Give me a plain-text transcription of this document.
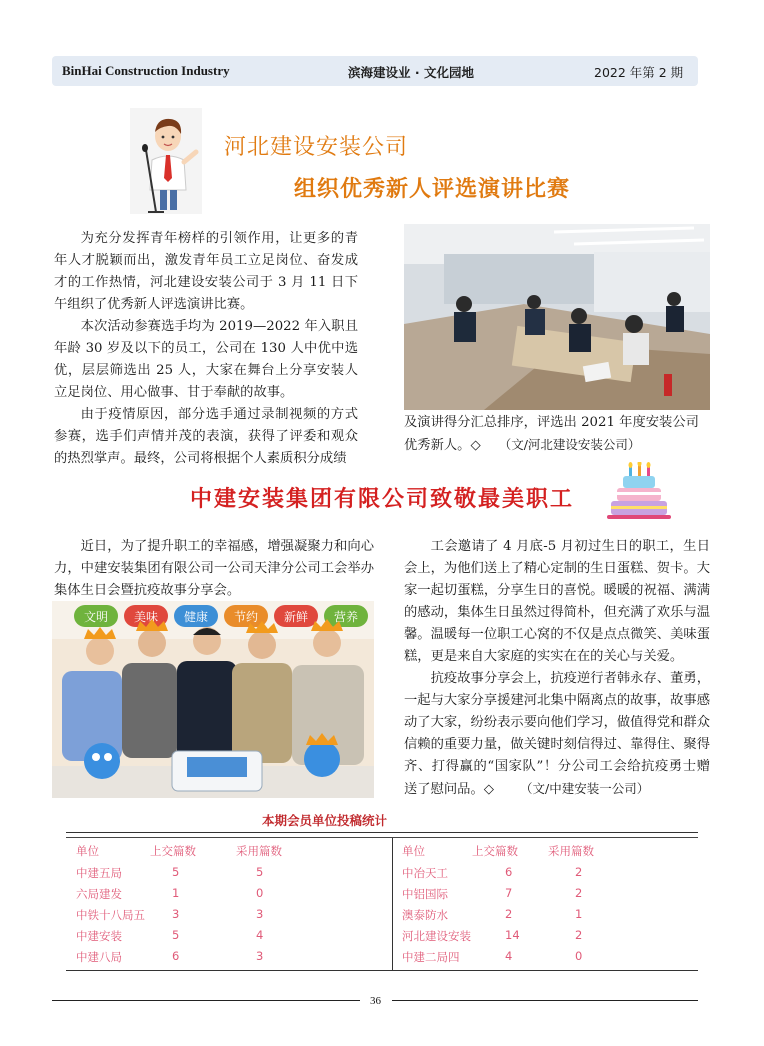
BinHai Construction Industry	滨海建设业 · 文化园地	2022 年第 2 期
河北建设安装公司
组织优秀新人评选演讲比赛

为充分发挥青年榜样的引领作用，让更多的青年人才脱颖而出，激发青年员工立足岗位、奋发成才的工作热情，河北建设安装公司于 3 月 11 日下午组织了优秀新人评选演讲比赛。

本次活动参赛选手均为 2019—2022 年入职且年龄 30 岁及以下的员工，公司在 130 人中优中选优，层层筛选出 25 人，大家在舞台上分享安装人立足岗位、用心做事、甘于奉献的故事。

由于疫情原因，部分选手通过录制视频的方式参赛，选手们声情并茂的表演，获得了评委和观众的热烈掌声。最终，公司将根据个人素质积分成绩

及演讲得分汇总排序，评选出 2021 年度安装公司优秀新人。◇ （文/河北建设安装公司）
中建安装集团有限公司致敬最美职工

近日，为了提升职工的幸福感，增强凝聚力和向心力，中建安装集团有限公司一公司天津分公司工会举办集体生日会暨抗疫故事分享会。

文明 美味 健康 节约 新鲜 营养

工会邀请了 4 月底-5 月初过生日的职工，生日会上，为他们送上了精心定制的生日蛋糕、贺卡。大家一起切蛋糕，分享生日的喜悦。暖暖的祝福、满满的感动，集体生日虽然过得简朴，但充满了欢乐与温馨。温暖每一位职工心窝的不仅是点点微笑、美味蛋糕，更是来自大家庭的实实在在的关心与关爱。

抗疫故事分享会上，抗疫逆行者韩永存、董勇，一起与大家分享援建河北集中隔离点的故事，故事感动了大家，纷纷表示要向他们学习，做值得党和群众信赖的重要力量，做关键时刻信得过、靠得住、聚得齐、打得赢的“国家队”！分公司工会给抗疫勇士赠送了慰问品。◇ （文/中建安装一公司）

本期会员单位投稿统计
单位	上交篇数	采用篇数	单位	上交篇数	采用篇数
中建五局	5	5
六局建发	1	0
中铁十八局五 3	3
中建安装	5	4
中建八局	6	3
中冶天工	6	2
中铝国际	7	2
澳泰防水	2	1
河北建设安装	14	2
中建二局四	4	0
36
